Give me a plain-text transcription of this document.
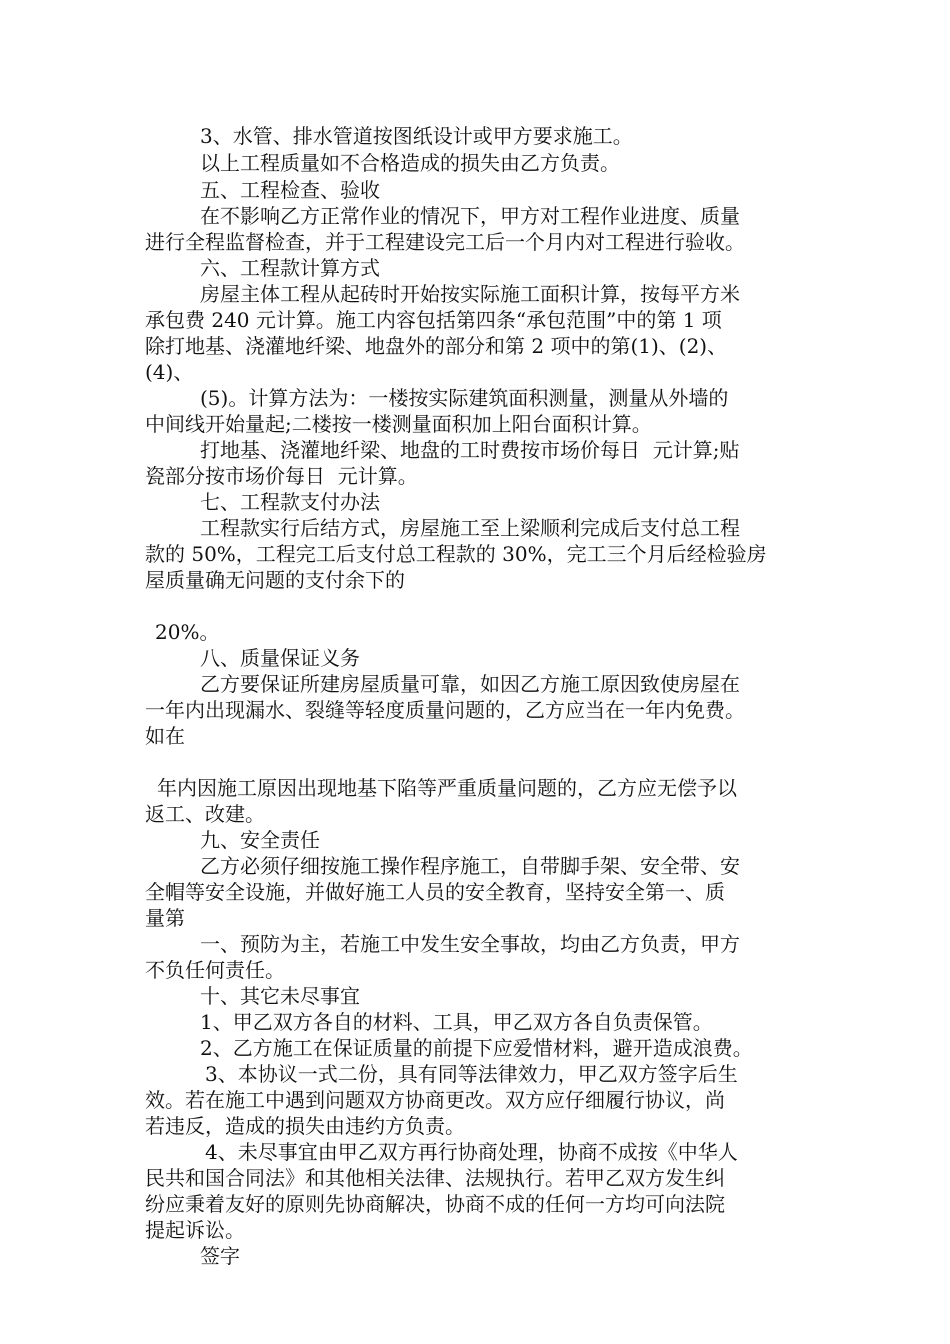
3、水管、排水管道按图纸设计或甲方要求施工。
以上工程质量如不合格造成的损失由乙方负责。
五、工程检查、验收
在不影响乙方正常作业的情况下，甲方对工程作业进度、质量
进行全程监督检查，并于工程建设完工后一个月内对工程进行验收。
六、工程款计算方式
房屋主体工程从起砖时开始按实际施工面积计算，按每平方米
承包费 240 元计算。施工内容包括第四条“承包范围”中的第 1 项
除打地基、浇灌地纤梁、地盘外的部分和第 2 项中的第(1)、(2)、
(4)、
(5)。计算方法为：一楼按实际建筑面积测量，测量从外墙的
中间线开始量起;二楼按一楼测量面积加上阳台面积计算。
打地基、浇灌地纤梁、地盘的工时费按市场价每日  元计算;贴
瓷部分按市场价每日  元计算。
七、工程款支付办法
工程款实行后结方式，房屋施工至上梁顺利完成后支付总工程
款的 50%，工程完工后支付总工程款的 30%，完工三个月后经检验房
屋质量确无问题的支付余下的
20%。
八、质量保证义务
乙方要保证所建房屋质量可靠，如因乙方施工原因致使房屋在
一年内出现漏水、裂缝等轻度质量问题的，乙方应当在一年内免费。
如在
年内因施工原因出现地基下陷等严重质量问题的，乙方应无偿予以
返工、改建。
九、安全责任
乙方必须仔细按施工操作程序施工，自带脚手架、安全带、安
全帽等安全设施，并做好施工人员的安全教育，坚持安全第一、质
量第
一、预防为主，若施工中发生安全事故，均由乙方负责，甲方
不负任何责任。
十、其它未尽事宜
1、甲乙双方各自的材料、工具，甲乙双方各自负责保管。
2、乙方施工在保证质量的前提下应爱惜材料，避开造成浪费。
3、本协议一式二份，具有同等法律效力，甲乙双方签字后生
效。若在施工中遇到问题双方协商更改。双方应仔细履行协议，尚
若违反，造成的损失由违约方负责。
4、未尽事宜由甲乙双方再行协商处理，协商不成按《中华人
民共和国合同法》和其他相关法律、法规执行。若甲乙双方发生纠
纷应秉着友好的原则先协商解决，协商不成的任何一方均可向法院
提起诉讼。
签字
